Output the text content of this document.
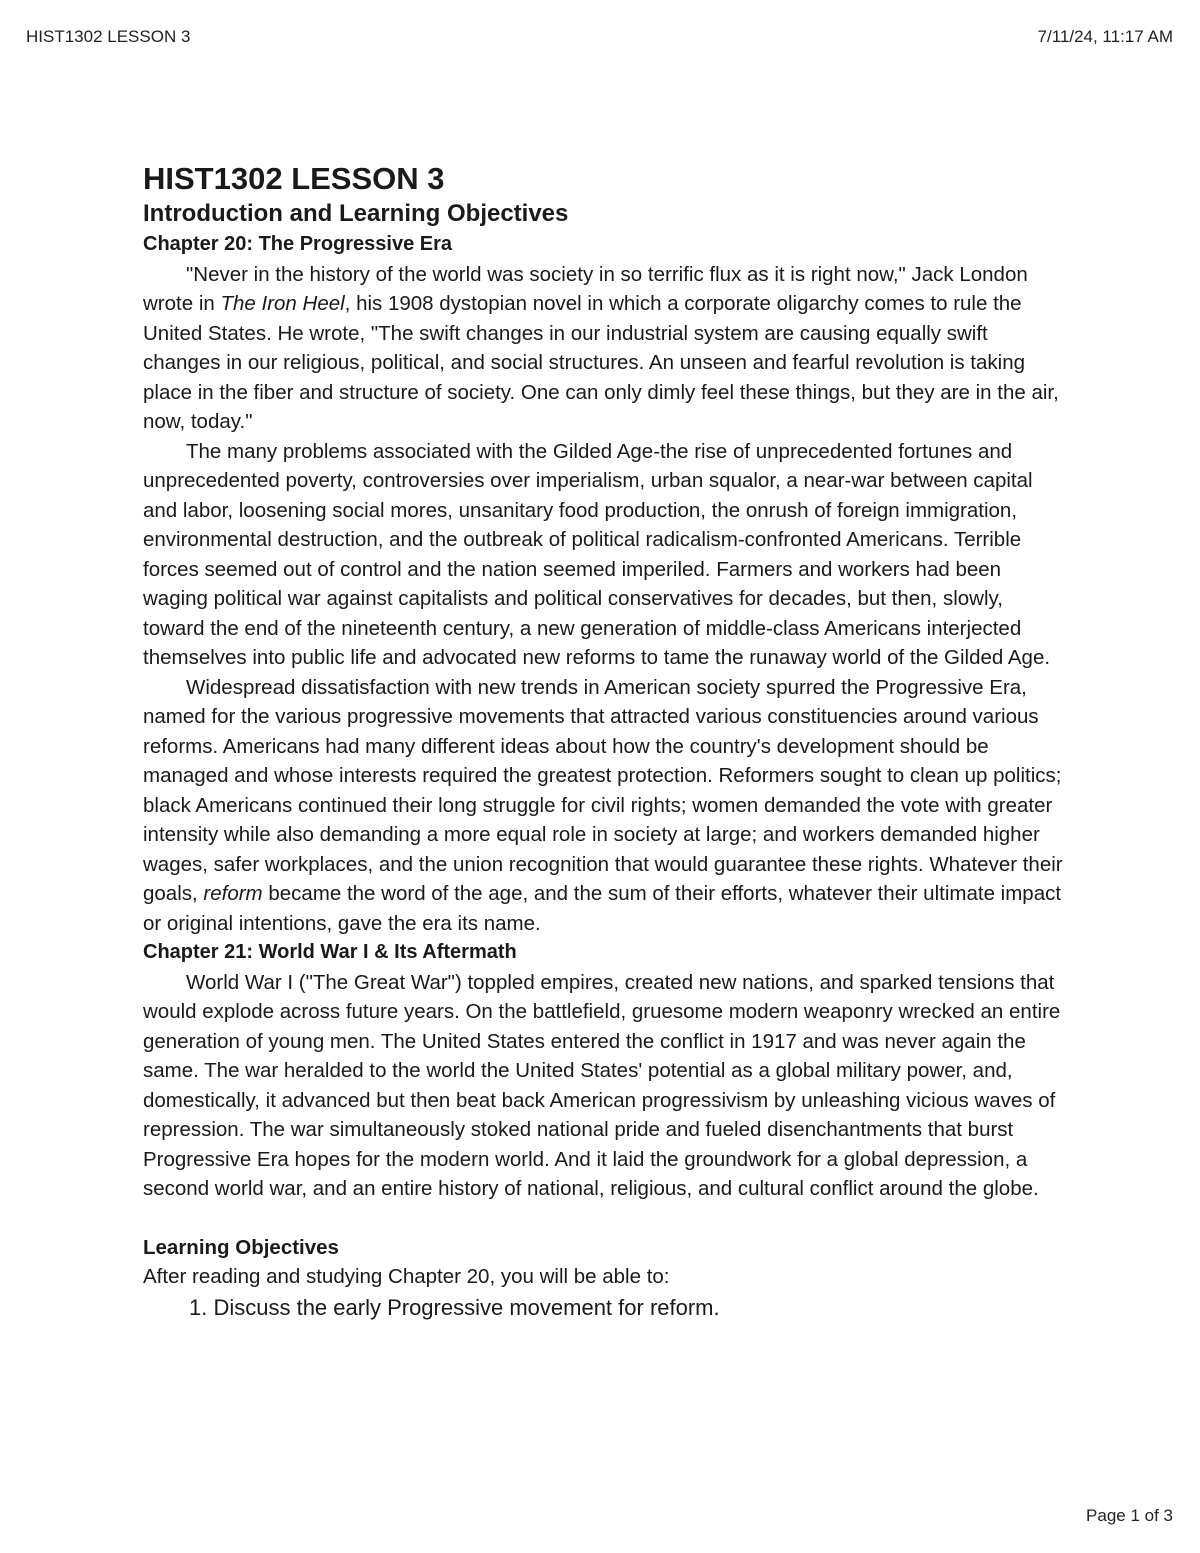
HIST1302 LESSON 3	7/11/24, 11:17 AM
HIST1302 LESSON 3
Introduction and Learning Objectives
Chapter 20: The Progressive Era

"Never in the history of the world was society in so terrific flux as it is right now," Jack London wrote in The Iron Heel, his 1908 dystopian novel in which a corporate oligarchy comes to rule the United States. He wrote, "The swift changes in our industrial system are causing equally swift changes in our religious, political, and social structures. An unseen and fearful revolution is taking place in the fiber and structure of society. One can only dimly feel these things, but they are in the air, now, today."

The many problems associated with the Gilded Age-the rise of unprecedented fortunes and unprecedented poverty, controversies over imperialism, urban squalor, a near-war between capital and labor, loosening social mores, unsanitary food production, the onrush of foreign immigration, environmental destruction, and the outbreak of political radicalism-confronted Americans. Terrible forces seemed out of control and the nation seemed imperiled. Farmers and workers had been waging political war against capitalists and political conservatives for decades, but then, slowly, toward the end of the nineteenth century, a new generation of middle-class Americans interjected themselves into public life and advocated new reforms to tame the runaway world of the Gilded Age.

Widespread dissatisfaction with new trends in American society spurred the Progressive Era, named for the various progressive movements that attracted various constituencies around various reforms. Americans had many different ideas about how the country's development should be managed and whose interests required the greatest protection. Reformers sought to clean up politics; black Americans continued their long struggle for civil rights; women demanded the vote with greater intensity while also demanding a more equal role in society at large; and workers demanded higher wages, safer workplaces, and the union recognition that would guarantee these rights. Whatever their goals, reform became the word of the age, and the sum of their efforts, whatever their ultimate impact or original intentions, gave the era its name.

Chapter 21: World War I & Its Aftermath

World War I ("The Great War") toppled empires, created new nations, and sparked tensions that would explode across future years. On the battlefield, gruesome modern weaponry wrecked an entire generation of young men. The United States entered the conflict in 1917 and was never again the same. The war heralded to the world the United States' potential as a global military power, and, domestically, it advanced but then beat back American progressivism by unleashing vicious waves of repression. The war simultaneously stoked national pride and fueled disenchantments that burst Progressive Era hopes for the modern world. And it laid the groundwork for a global depression, a second world war, and an entire history of national, religious, and cultural conflict around the globe.

Learning Objectives

After reading and studying Chapter 20, you will be able to:

1. Discuss the early Progressive movement for reform.
Page 1 of 3
